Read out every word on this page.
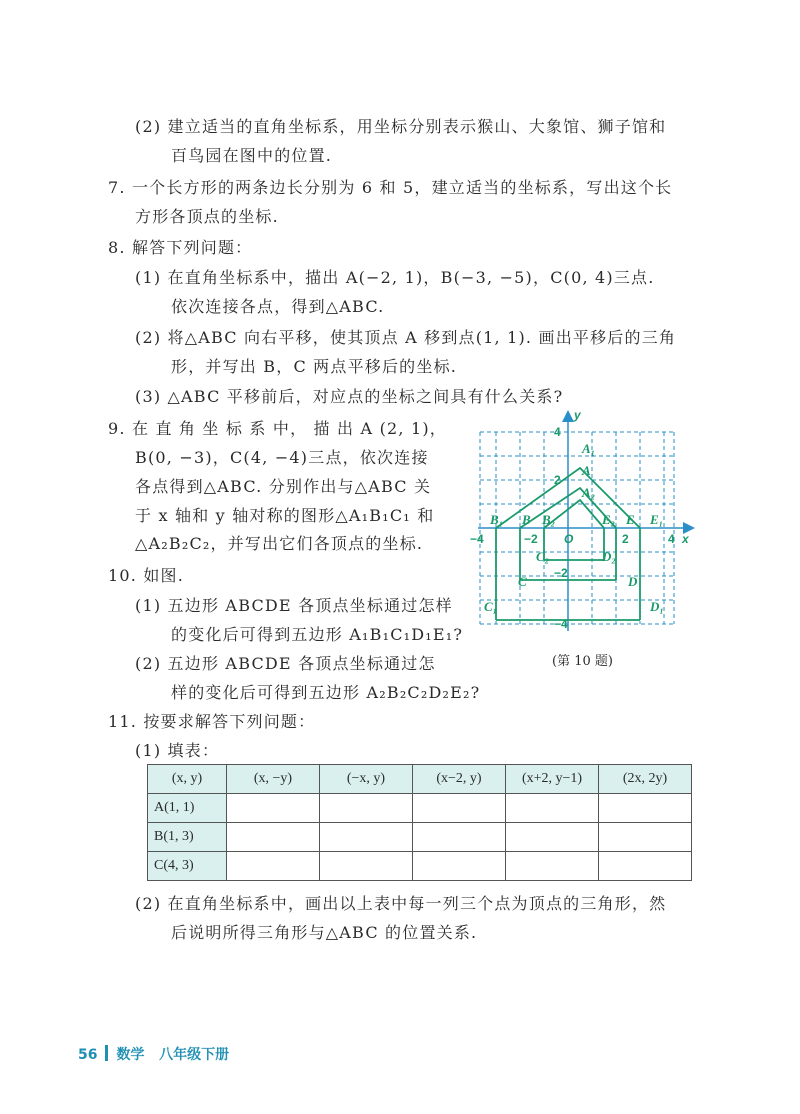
(2) 建立适当的直角坐标系，用坐标分别表示猴山、大象馆、狮子馆和
百鸟园在图中的位置.
7. 一个长方形的两条边长分别为 6 和 5，建立适当的坐标系，写出这个长
方形各顶点的坐标.
8. 解答下列问题：
(1) 在直角坐标系中，描出 A(−2, 1)，B(−3, −5)，C(0, 4)三点.
依次连接各点，得到△ABC.
(2) 将△ABC 向右平移，使其顶点 A 移到点(1, 1). 画出平移后的三角
形，并写出 B，C 两点平移后的坐标.
(3) △ABC 平移前后，对应点的坐标之间具有什么关系?
9. 在 直 角 坐 标 系 中， 描 出 A (2, 1)，
B(0, −3)，C(4, −4)三点，依次连接
各点得到△ABC. 分别作出与△ABC 关
于 x 轴和 y 轴对称的图形△A₁B₁C₁ 和
△A₂B₂C₂，并写出它们各顶点的坐标.
10. 如图.
(1) 五边形 ABCDE 各顶点坐标通过怎样
的变化后可得到五边形 A₁B₁C₁D₁E₁?
(2) 五边形 ABCDE 各顶点坐标通过怎
样的变化后可得到五边形 A₂B₂C₂D₂E₂?
11. 按要求解答下列问题：
(1) 填表：
(2) 在直角坐标系中，画出以上表中每一列三个点为顶点的三角形，然
后说明所得三角形与△ABC 的位置关系.
−4	−2 O	2	4 x
y
4
2
−2
−4
A₁
A
A₂
B₁ B B₂	E₂ E E₁
C₂	D₂
C	D
C₁	D₁
(第 10 题)
(x, y)	(x, −y)	(−x, y)	(x−2, y)	(x+2, y−1)	(2x, 2y)
A(1, 1)					
B(1, 3)					
C(4, 3)					
56 数学 八年级下册
